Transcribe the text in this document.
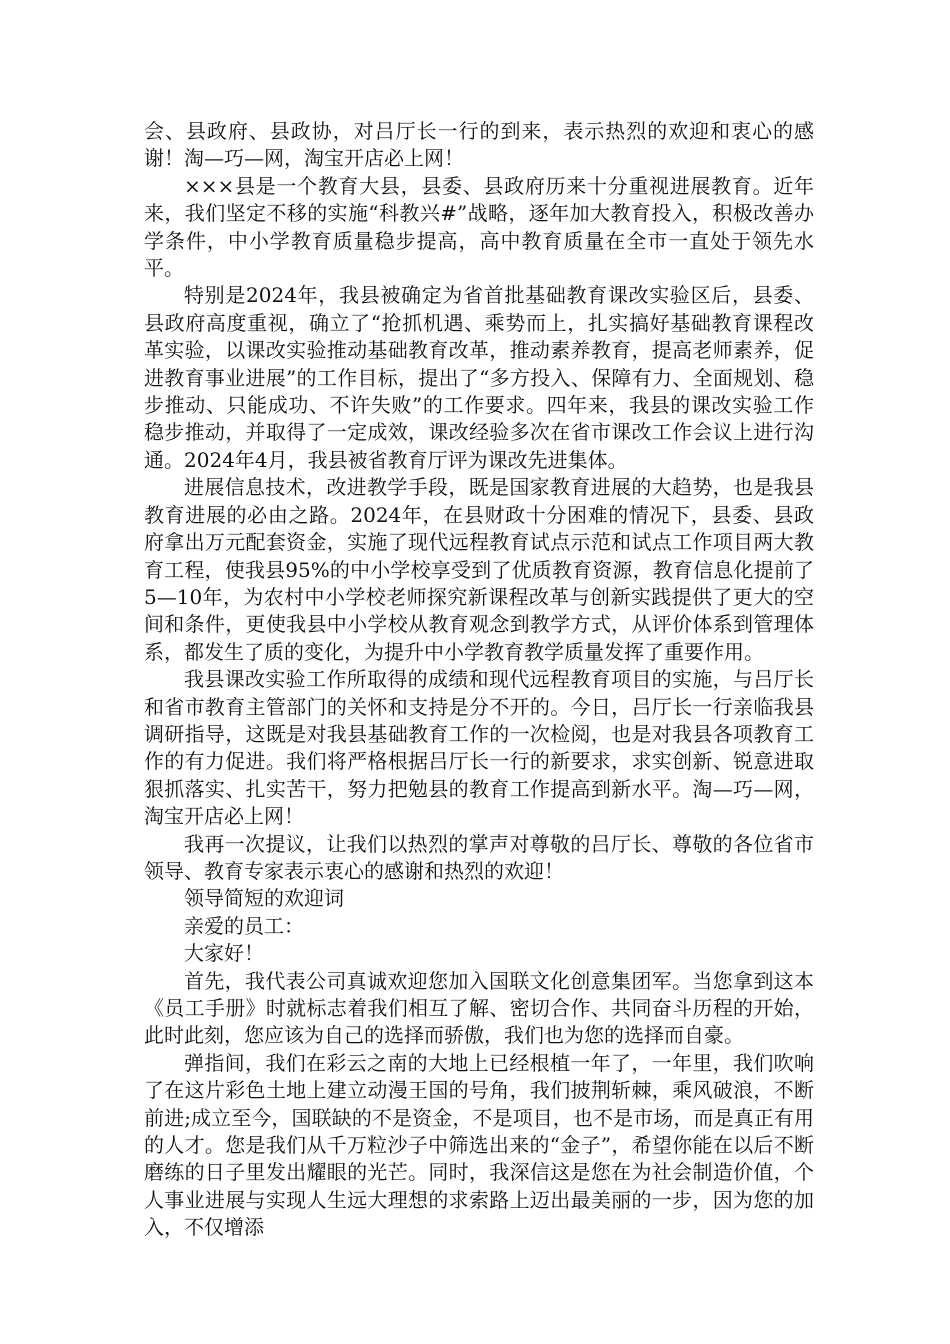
会、县政府、县政协，对吕厅长一行的到来，表示热烈的欢迎和衷心的感谢！淘—巧—网，淘宝开店必上网！

×××县是一个教育大县，县委、县政府历来十分重视进展教育。近年来，我们坚定不移的实施“科教兴#”战略，逐年加大教育投入，积极改善办学条件，中小学教育质量稳步提高，高中教育质量在全市一直处于领先水平。

特别是2024年，我县被确定为省首批基础教育课改实验区后，县委、县政府高度重视，确立了“抢抓机遇、乘势而上，扎实搞好基础教育课程改革实验，以课改实验推动基础教育改革，推动素养教育，提高老师素养，促进教育事业进展”的工作目标，提出了“多方投入、保障有力、全面规划、稳步推动、只能成功、不许失败”的工作要求。四年来，我县的课改实验工作稳步推动，并取得了一定成效，课改经验多次在省市课改工作会议上进行沟通。2024年4月，我县被省教育厅评为课改先进集体。

进展信息技术，改进教学手段，既是国家教育进展的大趋势，也是我县教育进展的必由之路。2024年，在县财政十分困难的情况下，县委、县政府拿出万元配套资金，实施了现代远程教育试点示范和试点工作项目两大教育工程，使我县95%的中小学校享受到了优质教育资源，教育信息化提前了5—10年，为农村中小学校老师探究新课程改革与创新实践提供了更大的空间和条件，更使我县中小学校从教育观念到教学方式，从评价体系到管理体系，都发生了质的变化，为提升中小学教育教学质量发挥了重要作用。

我县课改实验工作所取得的成绩和现代远程教育项目的实施，与吕厅长和省市教育主管部门的关怀和支持是分不开的。今日，吕厅长一行亲临我县调研指导，这既是对我县基础教育工作的一次检阅，也是对我县各项教育工作的有力促进。我们将严格根据吕厅长一行的新要求，求实创新、锐意进取狠抓落实、扎实苦干，努力把勉县的教育工作提高到新水平。淘—巧—网，淘宝开店必上网！

我再一次提议，让我们以热烈的掌声对尊敬的吕厅长、尊敬的各位省市领导、教育专家表示衷心的感谢和热烈的欢迎！

领导简短的欢迎词

亲爱的员工：

大家好！

首先，我代表公司真诚欢迎您加入国联文化创意集团军。当您拿到这本《员工手册》时就标志着我们相互了解、密切合作、共同奋斗历程的开始，此时此刻，您应该为自己的选择而骄傲，我们也为您的选择而自豪。

弹指间，我们在彩云之南的大地上已经根植一年了，一年里，我们吹响了在这片彩色土地上建立动漫王国的号角，我们披荆斩棘，乘风破浪，不断前进;成立至今，国联缺的不是资金，不是项目，也不是市场，而是真正有用的人才。您是我们从千万粒沙子中筛选出来的“金子”，希望你能在以后不断磨练的日子里发出耀眼的光芒。同时，我深信这是您在为社会制造价值，个人事业进展与实现人生远大理想的求索路上迈出最美丽的一步，因为您的加入，不仅增添
